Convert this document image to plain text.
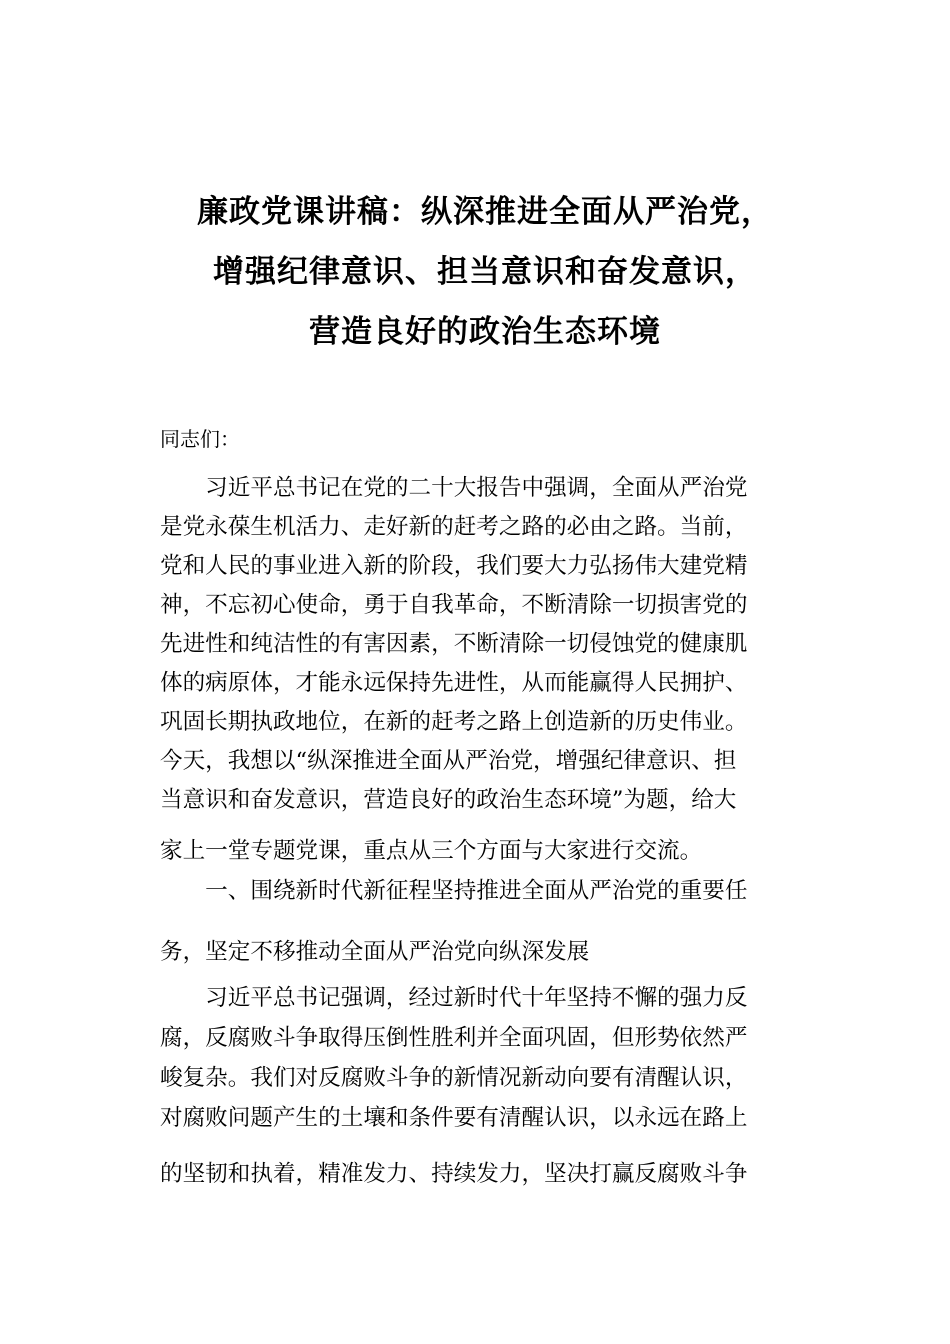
廉政党课讲稿：纵深推进全面从严治党，
增强纪律意识、担当意识和奋发意识，
营造良好的政治生态环境
同志们：
　　习近平总书记在党的二十大报告中强调，全面从严治党
是党永葆生机活力、走好新的赶考之路的必由之路。当前，
党和人民的事业进入新的阶段，我们要大力弘扬伟大建党精
神，不忘初心使命，勇于自我革命，不断清除一切损害党的
先进性和纯洁性的有害因素，不断清除一切侵蚀党的健康肌
体的病原体，才能永远保持先进性，从而能赢得人民拥护、
巩固长期执政地位，在新的赶考之路上创造新的历史伟业。
今天，我想以“纵深推进全面从严治党，增强纪律意识、担
当意识和奋发意识，营造良好的政治生态环境”为题，给大
家上一堂专题党课，重点从三个方面与大家进行交流。
　　一、围绕新时代新征程坚持推进全面从严治党的重要任
务，坚定不移推动全面从严治党向纵深发展
　　习近平总书记强调，经过新时代十年坚持不懈的强力反
腐，反腐败斗争取得压倒性胜利并全面巩固，但形势依然严
峻复杂。我们对反腐败斗争的新情况新动向要有清醒认识，
对腐败问题产生的土壤和条件要有清醒认识，以永远在路上
的坚韧和执着，精准发力、持续发力，坚决打赢反腐败斗争
